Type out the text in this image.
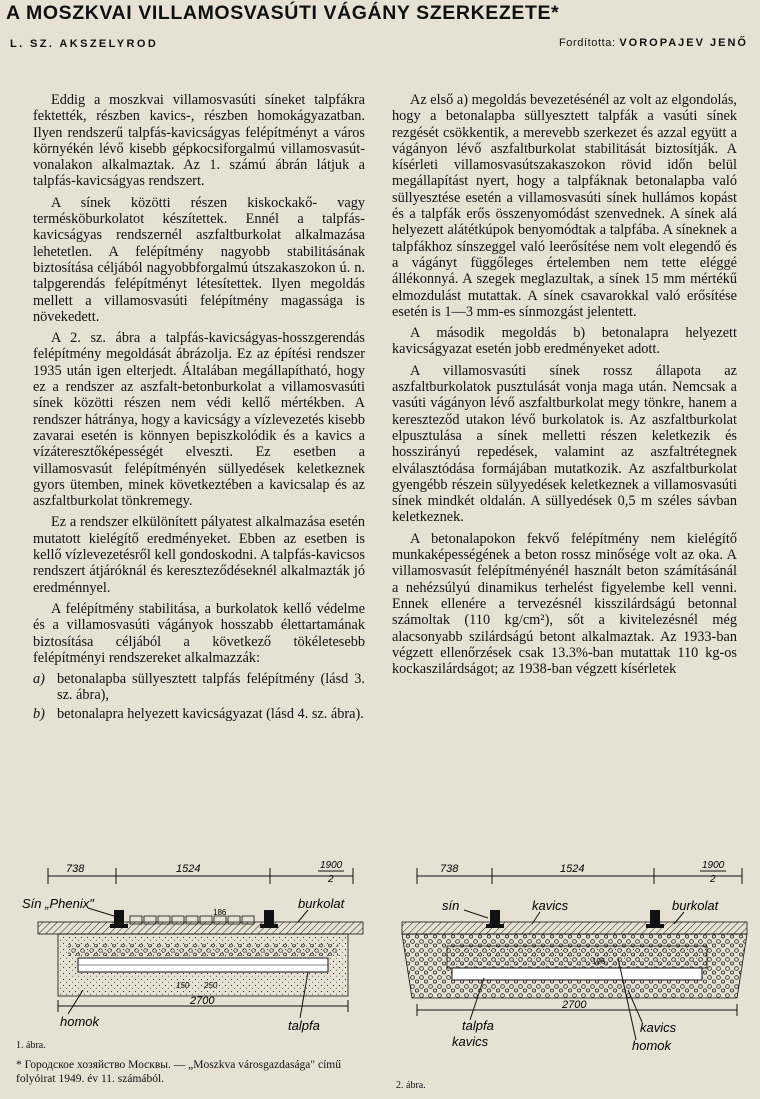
A MOSZKVAI VILLAMOSVASÚTI VÁGÁNY SZERKEZETE*
L. SZ. AKSZELYROD	Fordította: VOROPAJEV JENŐ

Eddig a moszkvai villamosvasúti síneket talpfákra fektették, részben kavics-, részben homokágyazatban. Ilyen rendszerű talpfás-kavicságyas felépítményt a város környékén lévő kisebb gépkocsiforgalmú villamosvasút-vonalakon alkalmaztak. Az 1. számú ábrán látjuk a talpfás-kavicságyas rendszert.

A sínek közötti részen kiskockakő- vagy termésköburkolatot készítettek. Ennél a talpfás-kavicságyas rendszernél aszfaltburkolat alkalmazása lehetetlen. A felépítmény nagyobb stabilitásának biztosítása céljából nagyobbforgalmú útszakaszokon ú. n. talpgerendás felépítményt létesítettek. Ilyen megoldás mellett a villamosvasúti felépítmény magassága is növekedett.

A 2. sz. ábra a talpfás-kavicságyas-hosszgerendás felépítmény megoldását ábrázolja. Ez az építési rendszer 1935 után igen elterjedt. Általában megállapítható, hogy ez a rendszer az aszfalt-betonburkolat a villamosvasúti sínek közötti részen nem védi kellő mértékben. A rendszer hátránya, hogy a kavicságy a vízlevezetés kisebb zavarai esetén is könnyen bepiszkolódik és a kavics a vízáteresztőképességét elveszti. Ez esetben a villamosvasút felépítményén süllyedések keletkeznek gyors ütemben, minek következtében a kavicsalap és az aszfaltburkolat tönkremegy.

Ez a rendszer elkülönített pályatest alkalmazása esetén mutatott kielégítő eredményeket. Ebben az esetben is kellő vízlevezetésről kell gondoskodni. A talpfás-kavicsos rendszert átjáróknál és kereszteződéseknél alkalmazták jó eredménnyel.

A felépítmény stabilitása, a burkolatok kellő védelme és a villamosvasúti vágányok hosszabb élettartamának biztosítása céljából a következő tökéletesebb felépítményi rendszereket alkalmazzák:

a) betonalapba süllyesztett talpfás felépítmény (lásd 3. sz. ábra),

b) betonalapra helyezett kavicságyazat (lásd 4. sz. ábra).

Az első a) megoldás bevezetésénél az volt az elgondolás, hogy a betonalapba süllyesztett talpfák a vasúti sínek rezgését csökkentik, a merevebb szerkezet és azzal együtt a vágányon lévő aszfaltburkolat stabilitását biztosítják. A kísérleti villamosvasútszakaszokon rövid időn belül megállapítást nyert, hogy a talpfáknak betonalapba való süllyesztése esetén a villamosvasúti sínek hullámos kopást és a talpfák erős összenyomódást szenvednek. A sínek alá helyezett alátétkúpok benyomódtak a talpfába. A síneknek a talpfákhoz sínszeggel való leerősítése nem volt elegendő és a vágányt függőleges értelemben nem tette eléggé állékonnyá. A szegek meglazultak, a sínek 15 mm mértékű elmozdulást mutattak. A sínek csavarokkal való erősítése esetén is 1—3 mm-es sínmozgást jelentett.

A második megoldás b) betonalapra helyezett kavicságyazat esetén jobb eredményeket adott.

A villamosvasúti sínek rossz állapota az aszfaltburkolatok pusztulását vonja maga után. Nemcsak a vasúti vágányon lévő aszfaltburkolat megy tönkre, hanem a kereszteződ utakon lévő burkolatok is. Az aszfaltburkolat elpusztulása a sínek melletti részen keletkezik és hosszirányú repedések, valamint az aszfaltrétegnek elválasztódása formájában mutatkozik. Az aszfaltburkolat gyengébb részein sülyyedések keletkeznek a villamosvasúti sínek mindkét oldalán. A süllyedések 0,5 m széles sávban keletkeznek.

A betonalapokon fekvő felépítmény nem kielégítő munkaképességének a beton rossz minősége volt az oka. A villamosvasút felépítményénél használt beton számításánál a nehézsúlyú dinamikus terhelést figyelembe kell venni. Ennek ellenére a tervezésnél kisszilárdságú betonnal számoltak (110 kg/cm²), sőt a kivitelezésnél még alacsonyabb szilárdságú betont alkalmaztak. Az 1933-ban végzett ellenőrzések csak 13.3%-ban mutattak 110 kg-os kockaszilárdságot; az 1938-ban végzett kísérletek

738	1524	1900
2
2700
Sín „Phenix"	burkolat
186
150 250
homok	talpfa
1. ábra.
738	1524	1900
2
2700
sín	kavics	burkolat
196
talpfa
kavics
kavics
homok
2. ábra.
* Городское хозяйство Москвы. — „Moszkva városgazdasága" című folyóirat 1949. év 11. számából.
